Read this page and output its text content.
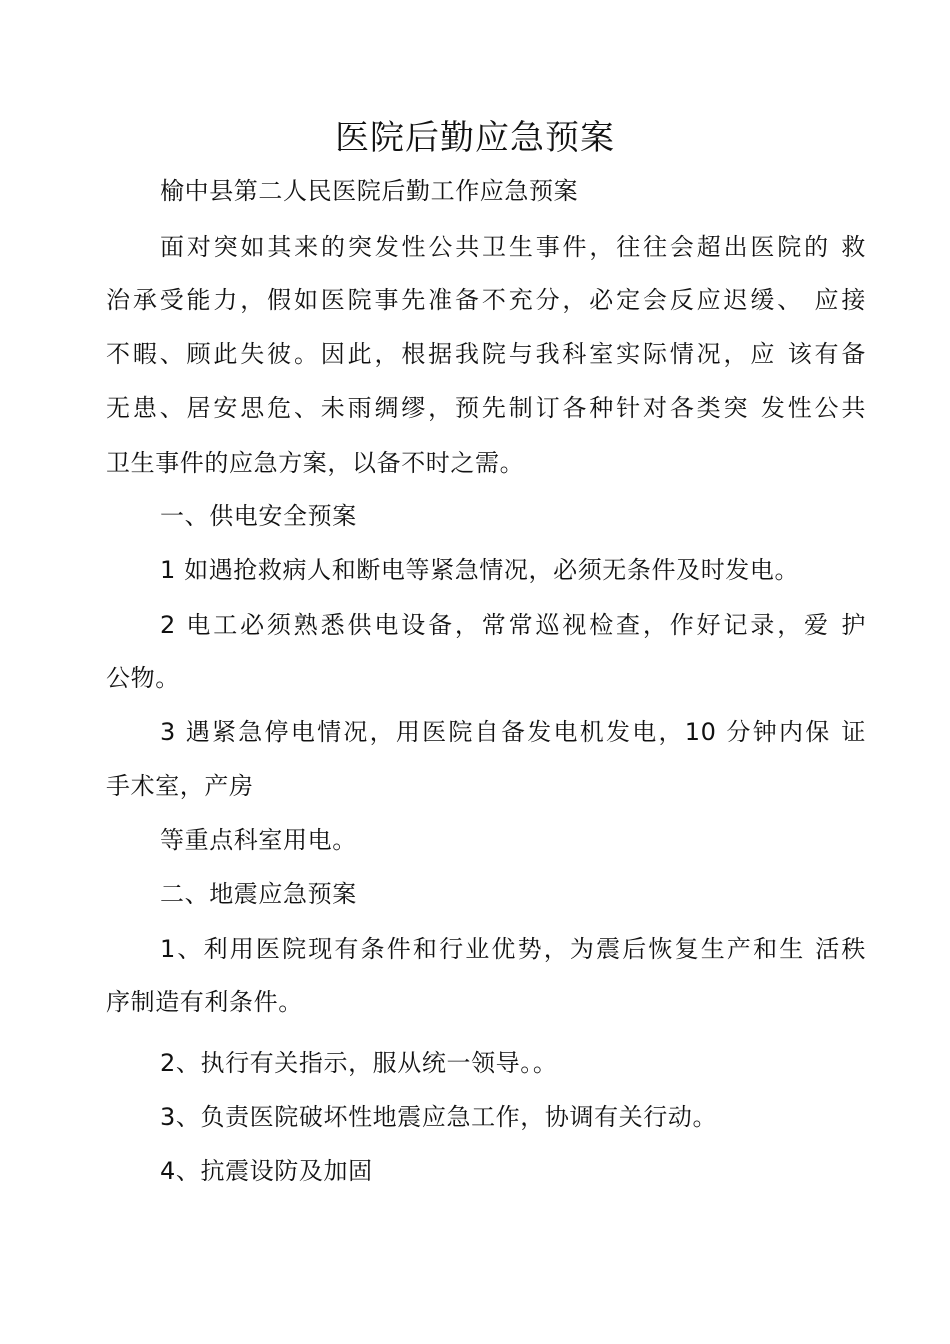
医院后勤应急预案
榆中县第二人民医院后勤工作应急预案
面对突如其来的突发性公共卫生事件，往往会超出医院的 救
治承受能力，假如医院事先准备不充分，必定会反应迟缓、 应接
不暇、顾此失彼。因此，根据我院与我科室实际情况，应 该有备
无患、居安思危、未雨绸缪，预先制订各种针对各类突 发性公共
卫生事件的应急方案，以备不时之需。
一、供电安全预案
1 如遇抢救病人和断电等紧急情况，必须无条件及时发电。
2 电工必须熟悉供电设备，常常巡视检查，作好记录，爱 护
公物。
3 遇紧急停电情况，用医院自备发电机发电，10 分钟内保 证
手术室，产房
等重点科室用电。
二、地震应急预案
1、利用医院现有条件和行业优势，为震后恢复生产和生 活秩
序制造有利条件。
2、执行有关指示，服从统一领导。。
3、负责医院破坏性地震应急工作，协调有关行动。
4、抗震设防及加固
